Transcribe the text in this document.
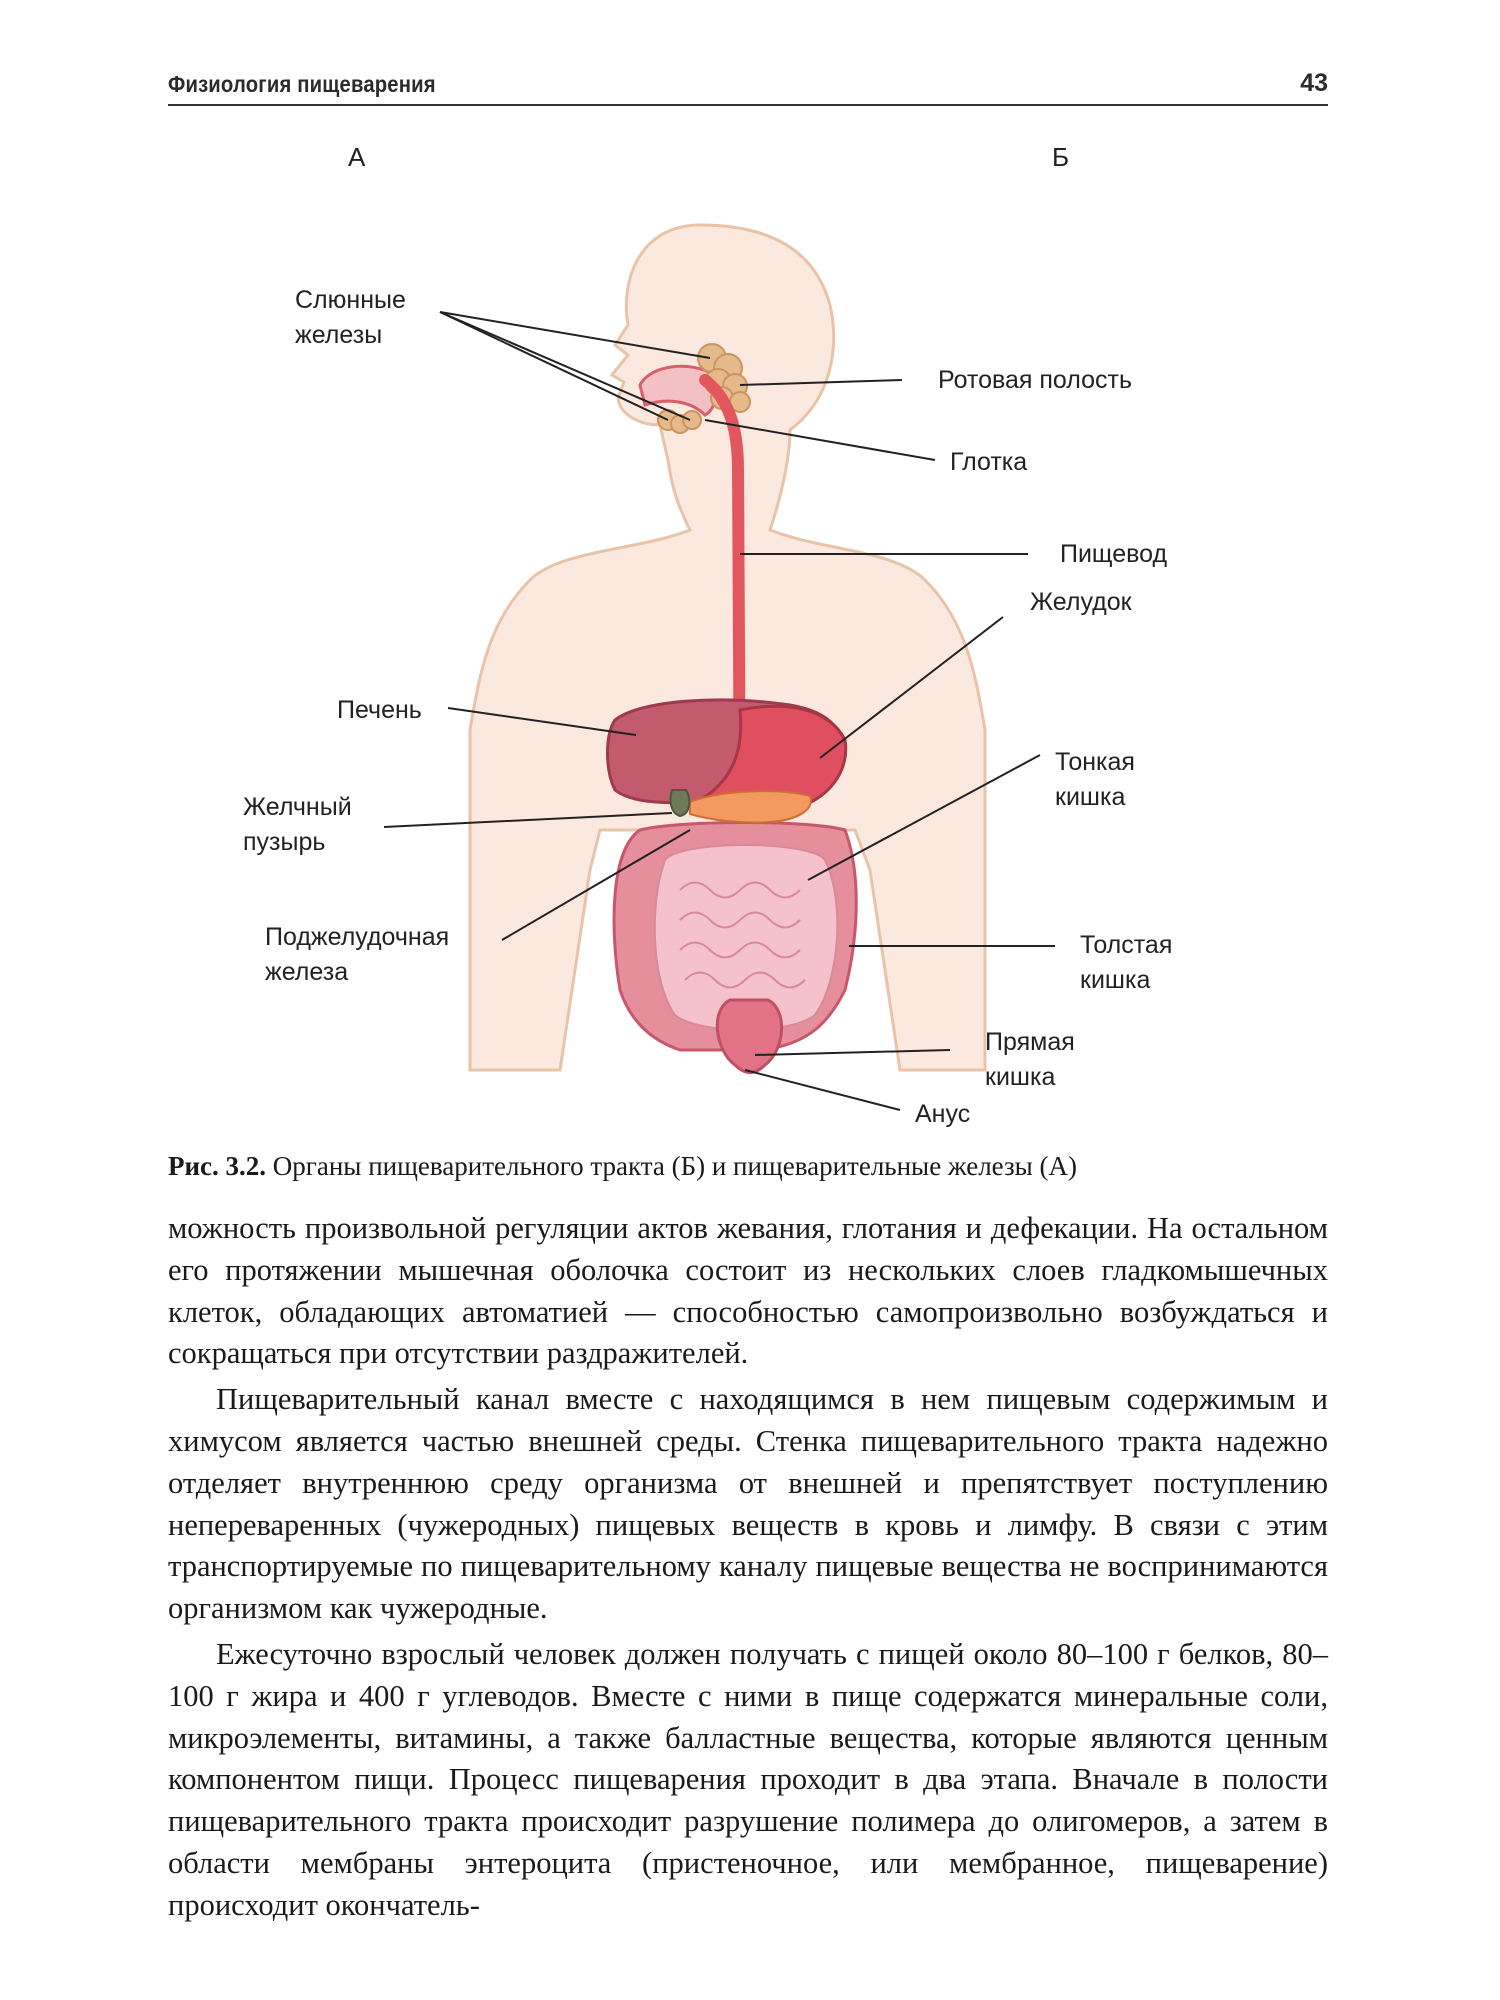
Физиология пищеварения	43
А	Б
Слюнные
железы
Ротовая полость
Глотка
Пищевод
Желудок
Печень
Тонкая
кишка
Желчный
пузырь
Поджелудочная
железа
Толстая
кишка
Прямая
кишка
Анус
Рис. 3.2. Органы пищеварительного тракта (Б) и пищеварительные железы (А)

можность произвольной регуляции актов жевания, глотания и дефекации. На остальном его протяжении мышечная оболочка состоит из нескольких слоев гладкомышечных клеток, обладающих автоматией — способностью самопроизвольно возбуждаться и сокращаться при отсутствии раздражителей.

Пищеварительный канал вместе с находящимся в нем пищевым содержимым и химусом является частью внешней среды. Стенка пищеварительного тракта надежно отделяет внутреннюю среду организма от внешней и препятствует поступлению непереваренных (чужеродных) пищевых веществ в кровь и лимфу. В связи с этим транспортируемые по пищеварительному каналу пищевые вещества не воспринимаются организмом как чужеродные.

Ежесуточно взрослый человек должен получать с пищей около 80–100 г белков, 80–100 г жира и 400 г углеводов. Вместе с ними в пище содержатся минеральные соли, микроэлементы, витамины, а также балластные вещества, которые являются ценным компонентом пищи. Процесс пищеварения проходит в два этапа. Вначале в полости пищеварительного тракта происходит разрушение полимера до олигомеров, а затем в области мембраны энтероцита (пристеночное, или мембранное, пищеварение) происходит окончатель-
